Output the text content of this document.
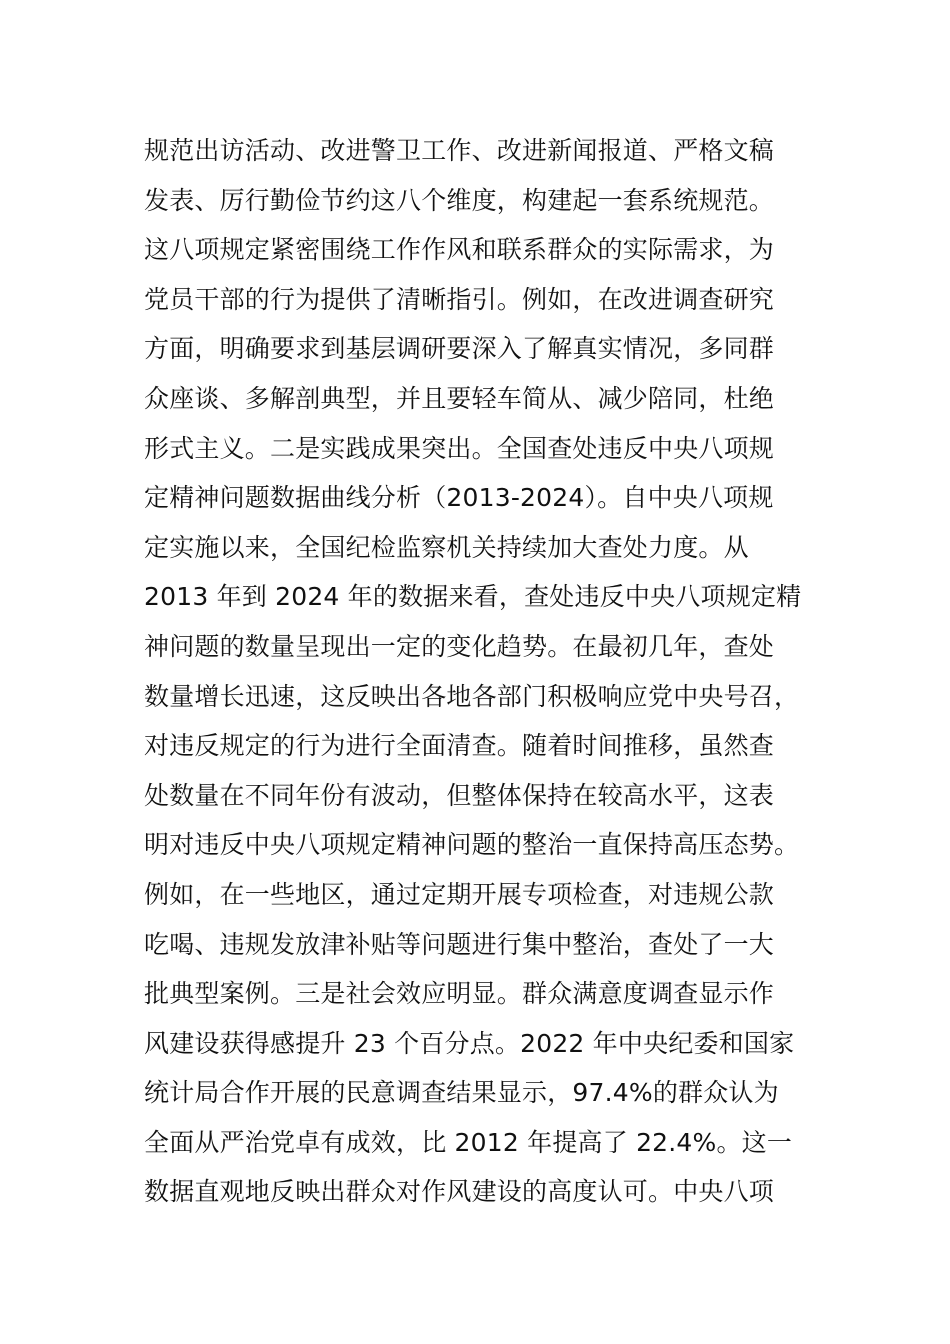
规范出访活动、改进警卫工作、改进新闻报道、严格文稿
发表、厉行勤俭节约这八个维度，构建起一套系统规范。
这八项规定紧密围绕工作作风和联系群众的实际需求，为
党员干部的行为提供了清晰指引。例如，在改进调查研究
方面，明确要求到基层调研要深入了解真实情况，多同群
众座谈、多解剖典型，并且要轻车简从、减少陪同，杜绝
形式主义。二是实践成果突出。全国查处违反中央八项规
定精神问题数据曲线分析（2013-2024）。自中央八项规
定实施以来，全国纪检监察机关持续加大查处力度。从
2013 年到 2024 年的数据来看，查处违反中央八项规定精
神问题的数量呈现出一定的变化趋势。在最初几年，查处
数量增长迅速，这反映出各地各部门积极响应党中央号召，
对违反规定的行为进行全面清查。随着时间推移，虽然查
处数量在不同年份有波动，但整体保持在较高水平，这表
明对违反中央八项规定精神问题的整治一直保持高压态势。
例如，在一些地区，通过定期开展专项检查，对违规公款
吃喝、违规发放津补贴等问题进行集中整治，查处了一大
批典型案例。三是社会效应明显。群众满意度调查显示作
风建设获得感提升 23 个百分点。2022 年中央纪委和国家
统计局合作开展的民意调查结果显示，97.4%的群众认为
全面从严治党卓有成效，比 2012 年提高了 22.4%。这一
数据直观地反映出群众对作风建设的高度认可。中央八项
